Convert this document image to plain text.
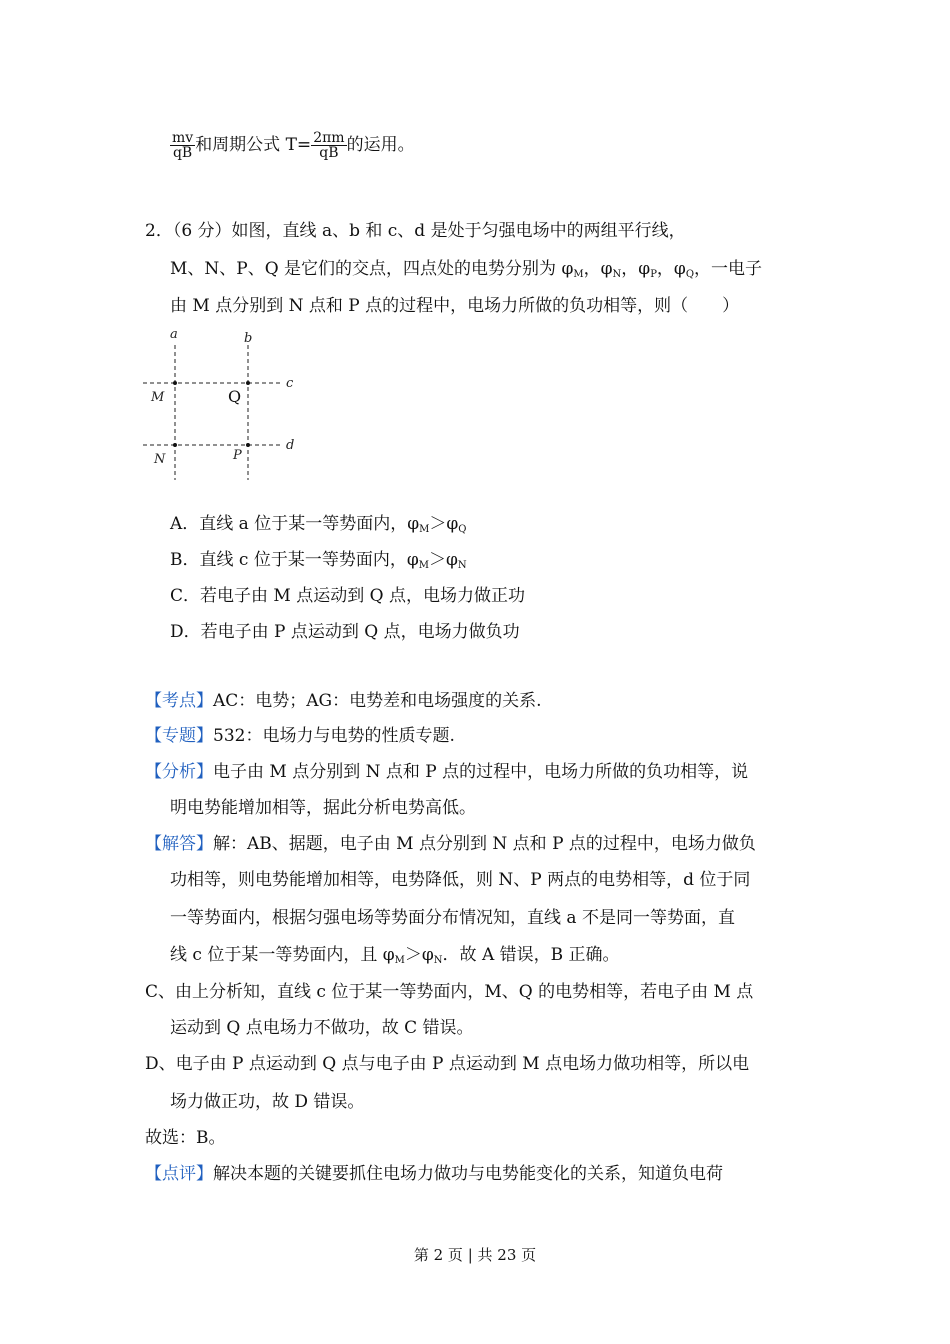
$\frac{mv}{qB}$ 和周期公式 $T= \frac{2\pi m}{qB}$ 的运用。
2．（6 分）如图，直线 a、b 和 c、d 是处于匀强电场中的两组平行线，
M、N、P、Q 是它们的交点，四点处的电势分别为 $\varphi_M$，$\varphi_N$，$\varphi_P$，$\varphi_Q$，一电子
由 M 点分别到 N 点和 P 点的过程中，电场力所做的负功相等，则（　　）
a	b
c
d
M
N	P
Q
A．直线 a 位于某一等势面内，$\varphi_M>\varphi_Q$
B．直线 c 位于某一等势面内，$\varphi_M>\varphi_N$
C．若电子由 M 点运动到 Q 点，电场力做正功
D．若电子由 P 点运动到 Q 点，电场力做负功
【考点】AC：电势；AG：电势差和电场强度的关系.
【专题】532：电场力与电势的性质专题.
【分析】电子由 M 点分别到 N 点和 P 点的过程中，电场力所做的负功相等，说
明电势能增加相等，据此分析电势高低。
【解答】解：AB、据题，电子由 M 点分别到 N 点和 P 点的过程中，电场力做负
功相等，则电势能增加相等，电势降低，则 N、P 两点的电势相等，d 位于同
一等势面内，根据匀强电场等势面分布情况知，直线 a 不是同一等势面，直
线 c 位于某一等势面内，且 $\varphi_M>\varphi_N$．故 A 错误，B 正确。
C、由上分析知，直线 c 位于某一等势面内，M、Q 的电势相等，若电子由 M 点
运动到 Q 点电场力不做功，故 C 错误。
D、电子由 P 点运动到 Q 点与电子由 P 点运动到 M 点电场力做功相等，所以电
场力做正功，故 D 错误。
故选：B。
【点评】解决本题的关键要抓住电场力做功与电势能变化的关系，知道负电荷
第 2 页 | 共 23 页
